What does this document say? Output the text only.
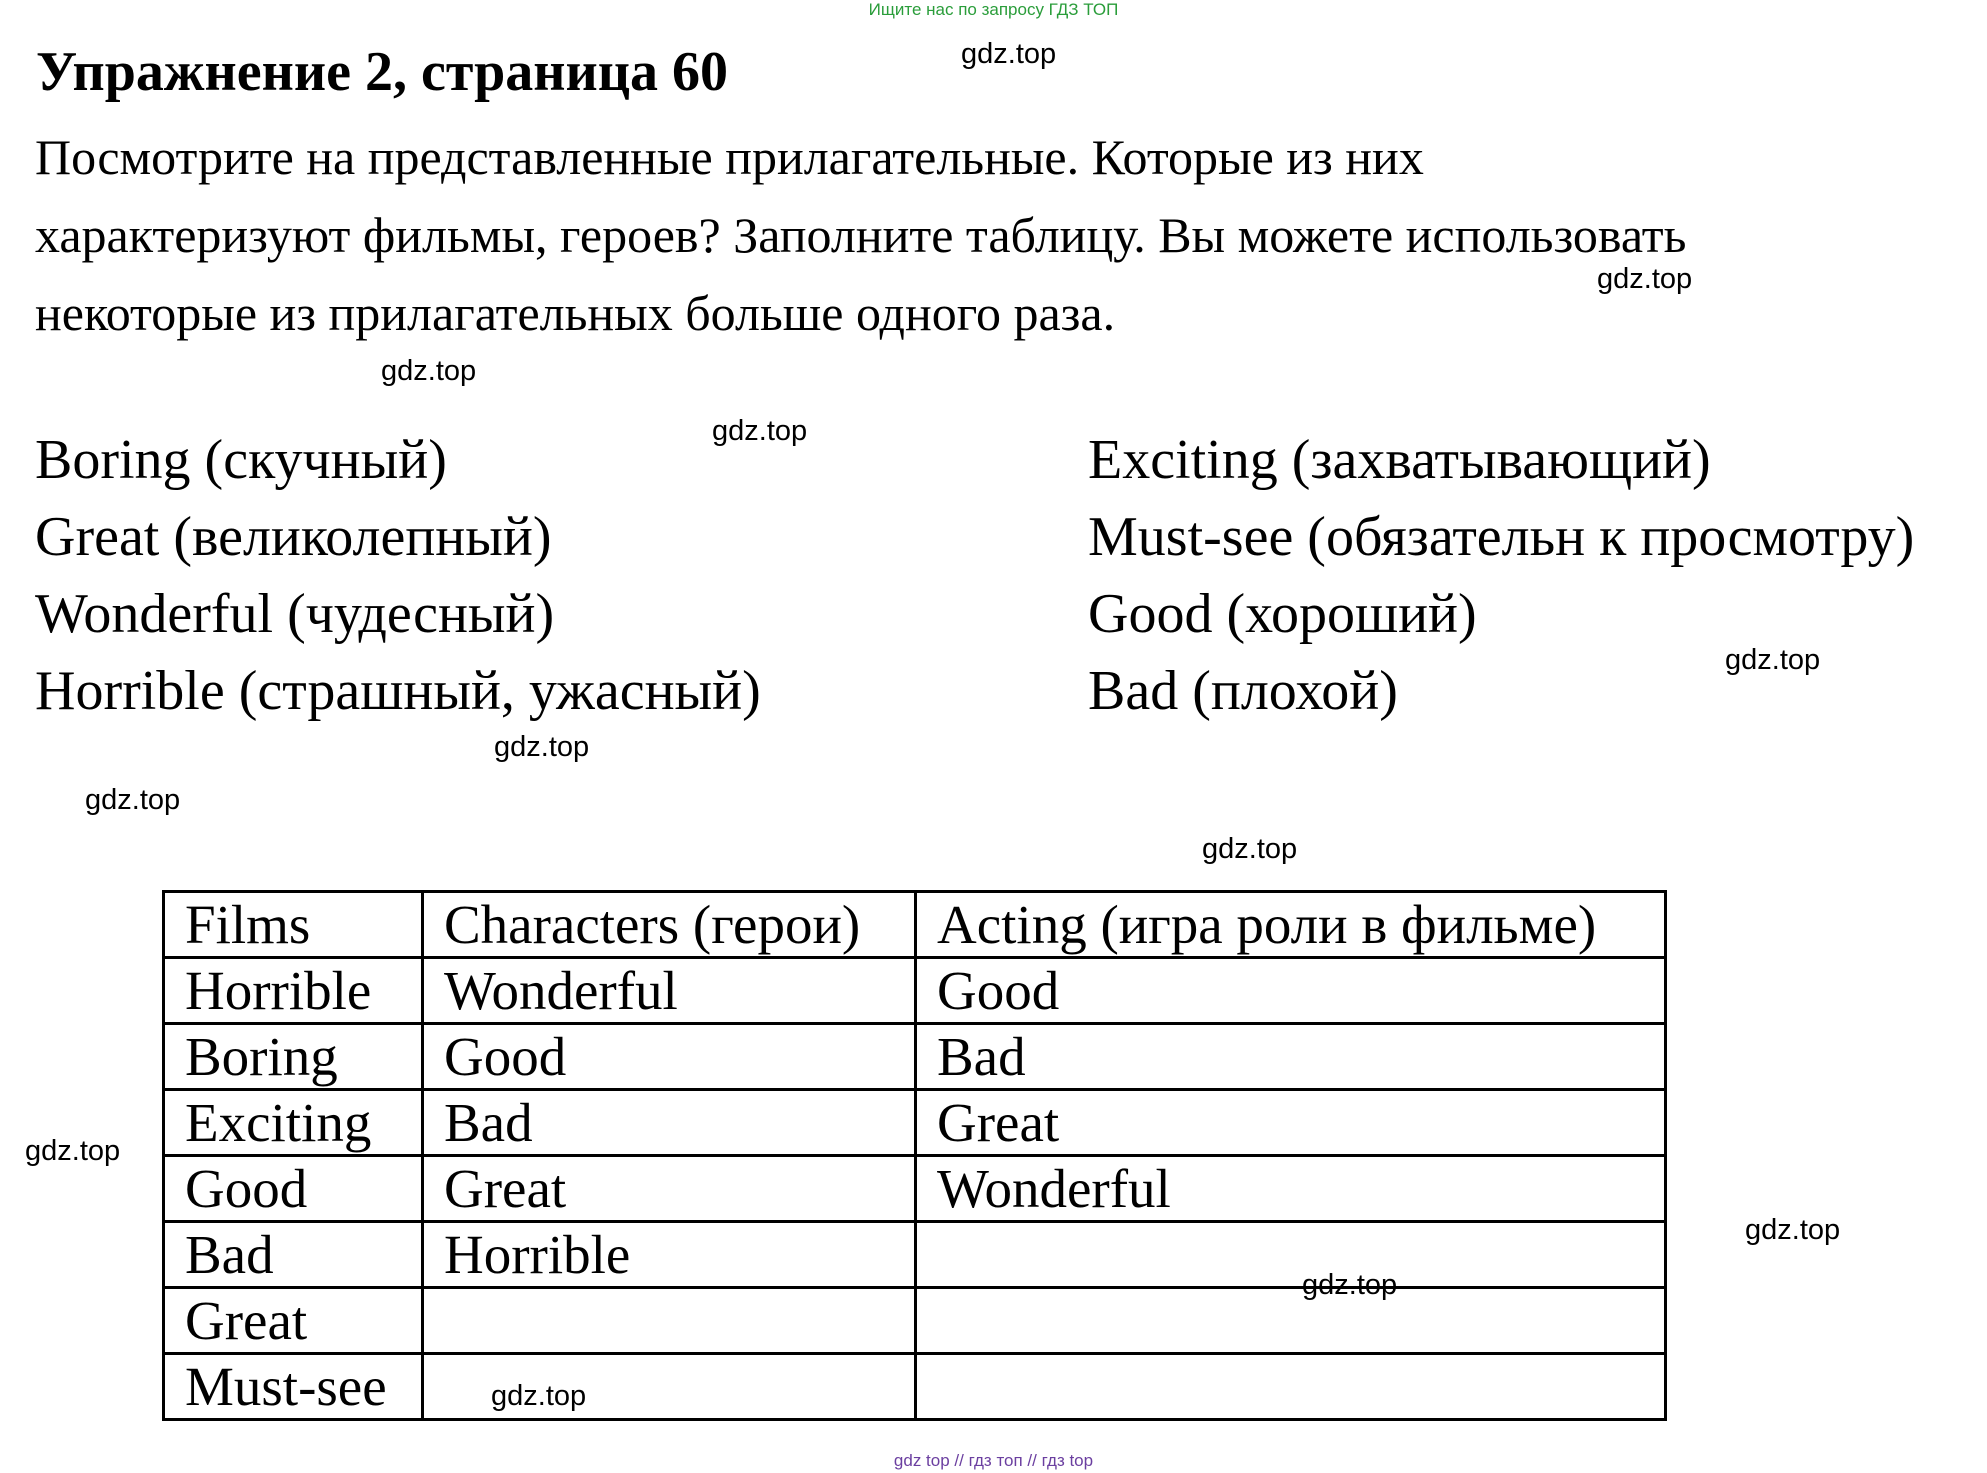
Ищите нас по запросу ГДЗ ТОП
Упражнение 2, страница 60
Посмотрите на представленные прилагательные. Которые из них
характеризуют фильмы, героев? Заполните таблицу. Вы можете использовать
некоторые из прилагательных больше одного раза.
Boring (скучный)
Great (великолепный)
Wonderful (чудесный)
Horrible (страшный, ужасный)
Exciting (захватывающий)
Must-see (обязательн к просмотру)
Good (хороший)
Bad (плохой)
Films	Characters (герои)	Acting (игра роли в фильме)
Horrible	Wonderful	Good
Boring	Good	Bad
Exciting	Bad	Great
Good	Great	Wonderful
Bad	Horrible	
Great		
Must-see		
gdz.top
gdz.top
gdz.top
gdz.top
gdz.top
gdz.top
gdz.top
gdz.top
gdz.top
gdz.top
gdz.top
gdz.top
gdz top // гдз топ // гдз top
